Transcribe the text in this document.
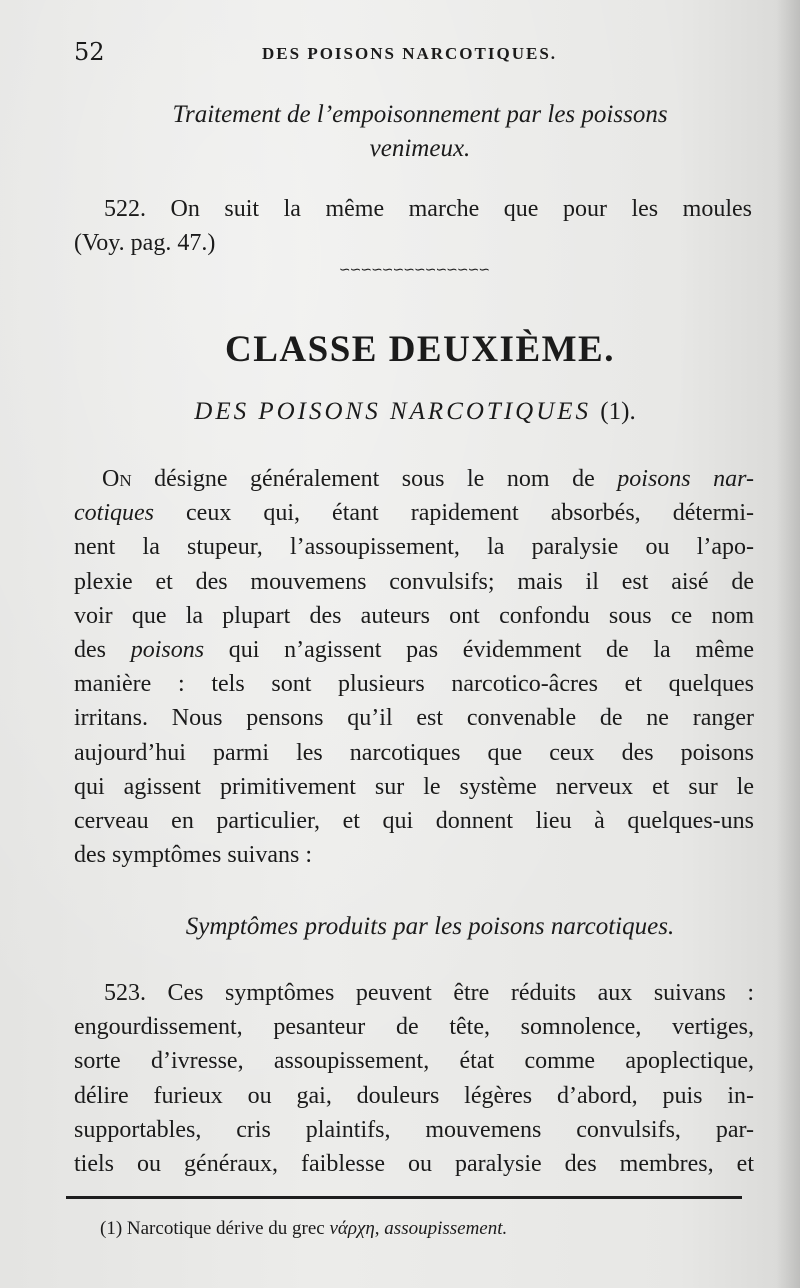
52	DES POISONS NARCOTIQUES.
Traitement de l’empoisonnement par les poissons
venimeux.
522. On suit la même marche que pour les moules
(Voy. pag. 47.)
∽∽∽∽∽∽∽∽∽∽∽∽∽∽
CLASSE DEUXIÈME.
DES POISONS NARCOTIQUES (1).
On désigne généralement sous le nom de poisons nar-
cotiques ceux qui, étant rapidement absorbés, détermi-
nent la stupeur, l’assoupissement, la paralysie ou l’apo-
plexie et des mouvemens convulsifs; mais il est aisé de
voir que la plupart des auteurs ont confondu sous ce nom
des poisons qui n’agissent pas évidemment de la même
manière : tels sont plusieurs narcotico-âcres et quelques
irritans. Nous pensons qu’il est convenable de ne ranger
aujourd’hui parmi les narcotiques que ceux des poisons
qui agissent primitivement sur le système nerveux et sur le
cerveau en particulier, et qui donnent lieu à quelques-uns
des symptômes suivans :
Symptômes produits par les poisons narcotiques.
523. Ces symptômes peuvent être réduits aux suivans :
engourdissement, pesanteur de tête, somnolence, vertiges,
sorte d’ivresse, assoupissement, état comme apoplectique,
délire furieux ou gai, douleurs légères d’abord, puis in-
supportables, cris plaintifs, mouvemens convulsifs, par-
tiels ou généraux, faiblesse ou paralysie des membres, et
(1) Narcotique dérive du grec νάρχη, assoupissement.
